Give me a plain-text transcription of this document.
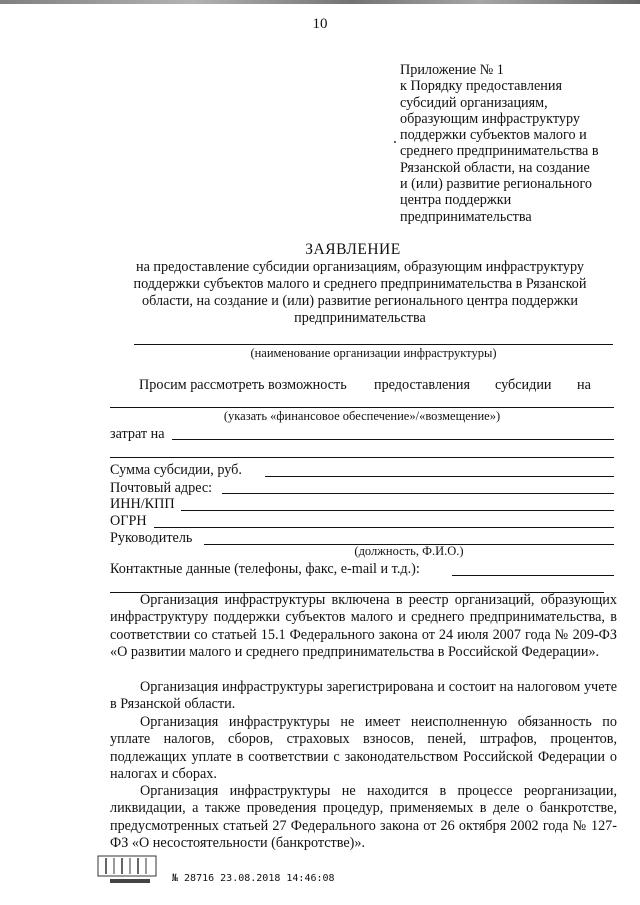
10
Приложение № 1
к Порядку предоставления
субсидий организациям,
образующим инфраструктуру
поддержки субъектов малого и
среднего предпринимательства в
Рязанской области, на создание
и (или) развитие регионального
центра поддержки
предпринимательства
ЗАЯВЛЕНИЕ
на предоставление субсидии организациям, образующим инфраструктуру
поддержки субъектов малого и среднего предпринимательства в Рязанской
области, на создание и (или) развитие регионального центра поддержки
предпринимательства
(наименование организации инфраструктуры)
Просим рассмотреть возможность предоставления субсидии на
(указать «финансовое обеспечение»/«возмещение»)
затрат на
Сумма субсидии, руб.
Почтовый адрес:
ИНН/КПП
ОГРН
Руководитель
(должность, Ф.И.О.)
Контактные данные (телефоны, факс, e-mail и т.д.):
Организация инфраструктуры включена в реестр организаций, образующих инфраструктуру поддержки субъектов малого и среднего предпринимательства, в соответствии со статьей 15.1 Федерального закона от 24 июля 2007 года № 209-ФЗ «О развитии малого и среднего предпринимательства в Российской Федерации».
Организация инфраструктуры зарегистрирована и состоит на налоговом учете в Рязанской области.
Организация инфраструктуры не имеет неисполненную обязанность по уплате налогов, сборов, страховых взносов, пеней, штрафов, процентов, подлежащих уплате в соответствии с законодательством Российской Федерации о налогах и сборах.
Организация инфраструктуры не находится в процессе реорганизации, ликвидации, а также проведения процедур, применяемых в деле о банкротстве, предусмотренных статьей 27 Федерального закона от 26 октября 2002 года № 127-ФЗ «О несостоятельности (банкротстве)».
№ 28716 23.08.2018 14:46:08
